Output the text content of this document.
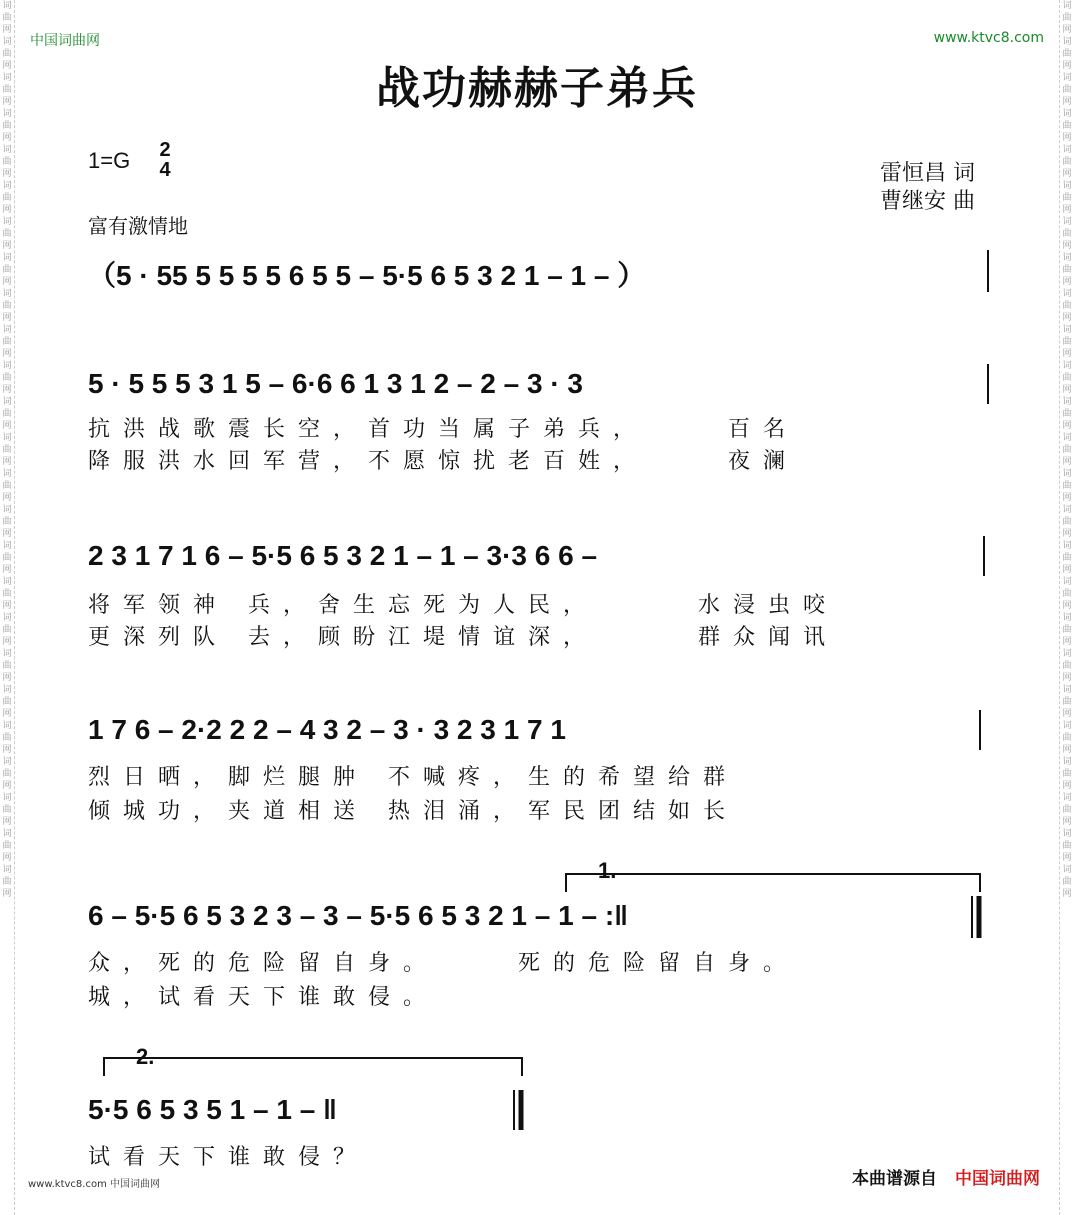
词曲网词曲网词曲网词曲网词曲网词曲网词曲网词曲网词曲网词曲网词曲网词曲网词曲网词曲网词曲网词曲网词曲网词曲网词曲网词曲网词曲网词曲网词曲网词曲网词曲网
词曲网词曲网词曲网词曲网词曲网词曲网词曲网词曲网词曲网词曲网词曲网词曲网词曲网词曲网词曲网词曲网词曲网词曲网词曲网词曲网词曲网词曲网词曲网词曲网词曲网
中国词曲网	www.ktvc8.com
战功赫赫子弟兵
1=G	2
4	雷恒昌 词
曹继安 曲
富有激情地
（5 · 55 5 5 5 5 6 5 5 – 5·5 6 5 3 2 1 – 1 – ）
5 · 5 5 5 3 1 5 – 6·6 6 1 3 1 2 – 2 – 3 · 3
抗洪战歌震长空，首功当属子弟兵，    百名
降服洪水回军营，不愿惊扰老百姓，    夜澜
2 3 1 7 1 6 – 5·5 6 5 3 2 1 – 1 – 3·3 6 6 –
将军领神 兵，舍生忘死为人民，     水浸虫咬
更深列队 去，顾盼江堤情谊深，     群众闻讯
1 7 6 – 2·2 2 2 – 4 3 2 – 3 · 3 2 3 1 7 1
烈日晒，脚烂腿肿 不喊疼，生的希望给群
倾城功，夹道相送 热泪涌，军民团结如长
1.
6 – 5·5 6 5 3 2 3 – 3 – 5·5 6 5 3 2 1 – 1 – :‖
众，死的危险留自身。    死的危险留自身。
城，试看天下谁敢侵。
2.
5·5 6 5 3 5 1 – 1 – ‖
试看天下谁敢侵？
www.ktvc8.com 中国词曲网	本曲谱源自 中国词曲网
